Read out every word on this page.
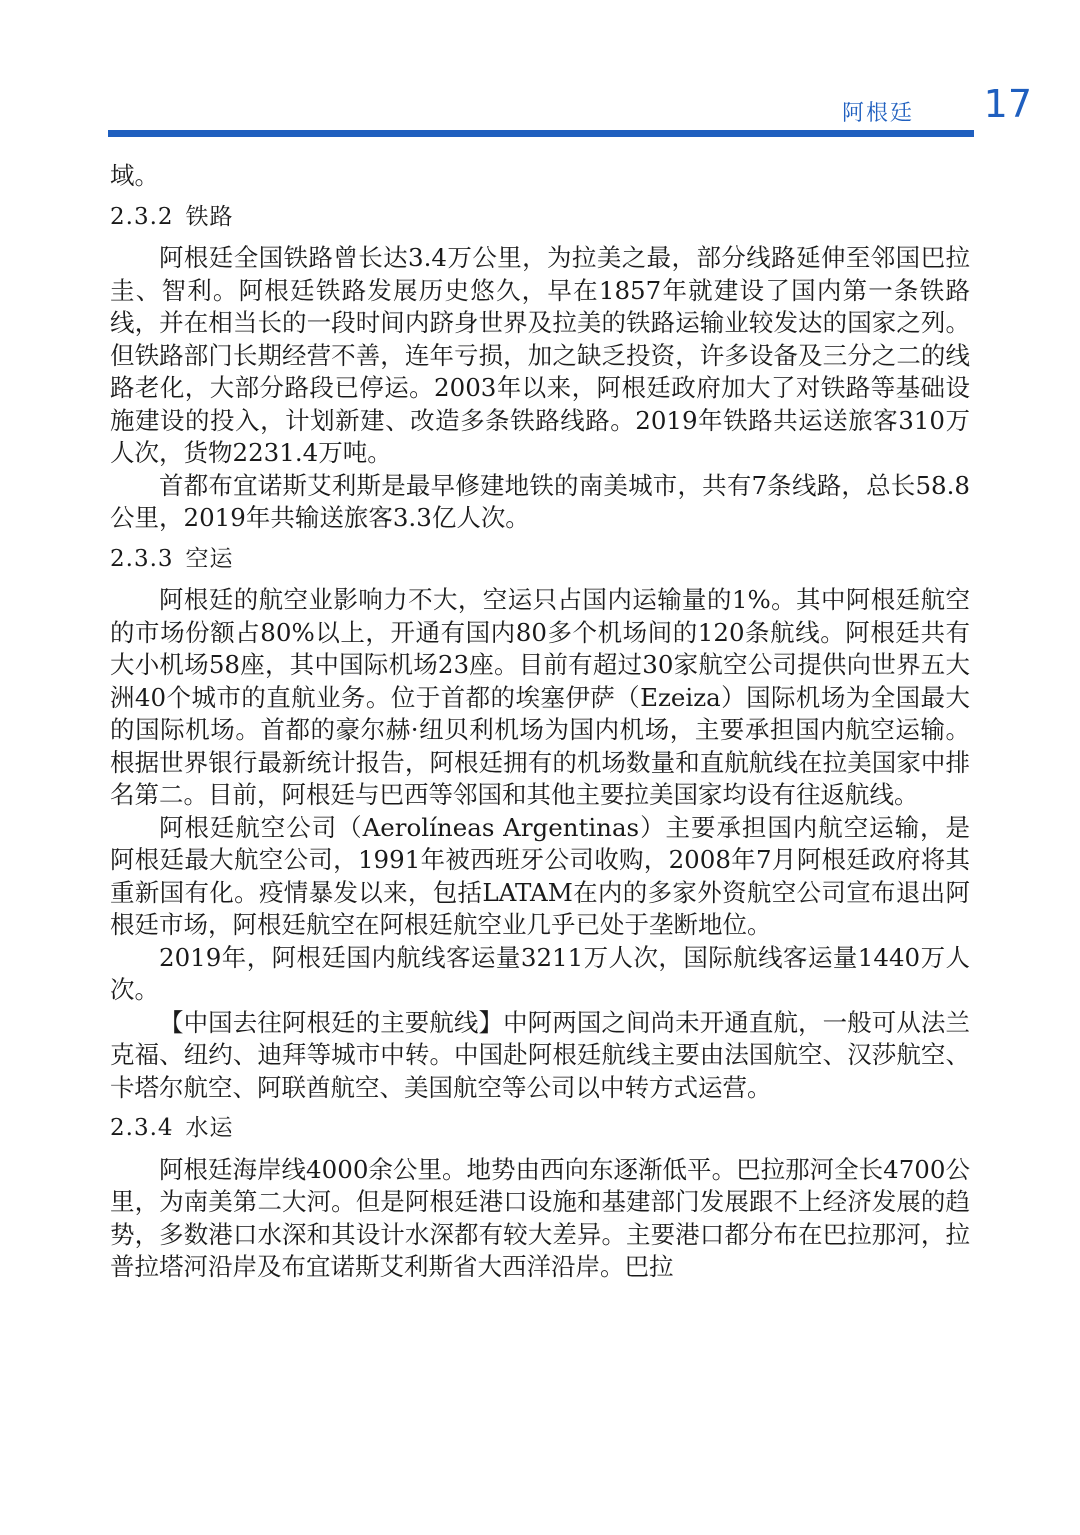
阿根廷 17

域。

2.3.2 铁路

阿根廷全国铁路曾长达3.4万公里，为拉美之最，部分线路延伸至邻国巴拉圭、智利。阿根廷铁路发展历史悠久，早在1857年就建设了国内第一条铁路线，并在相当长的一段时间内跻身世界及拉美的铁路运输业较发达的国家之列。但铁路部门长期经营不善，连年亏损，加之缺乏投资，许多设备及三分之二的线路老化，大部分路段已停运。2003年以来，阿根廷政府加大了对铁路等基础设施建设的投入，计划新建、改造多条铁路线路。2019年铁路共运送旅客310万人次，货物2231.4万吨。

首都布宜诺斯艾利斯是最早修建地铁的南美城市，共有7条线路，总长58.8公里，2019年共输送旅客3.3亿人次。

2.3.3 空运

阿根廷的航空业影响力不大，空运只占国内运输量的1%。其中阿根廷航空的市场份额占80%以上，开通有国内80多个机场间的120条航线。阿根廷共有大小机场58座，其中国际机场23座。目前有超过30家航空公司提供向世界五大洲40个城市的直航业务。位于首都的埃塞伊萨（Ezeiza）国际机场为全国最大的国际机场。首都的豪尔赫·纽贝利机场为国内机场，主要承担国内航空运输。根据世界银行最新统计报告，阿根廷拥有的机场数量和直航航线在拉美国家中排名第二。目前，阿根廷与巴西等邻国和其他主要拉美国家均设有往返航线。

阿根廷航空公司（Aerolíneas Argentinas）主要承担国内航空运输，是阿根廷最大航空公司，1991年被西班牙公司收购，2008年7月阿根廷政府将其重新国有化。疫情暴发以来，包括LATAM在内的多家外资航空公司宣布退出阿根廷市场，阿根廷航空在阿根廷航空业几乎已处于垄断地位。

2019年，阿根廷国内航线客运量3211万人次，国际航线客运量1440万人次。

【中国去往阿根廷的主要航线】中阿两国之间尚未开通直航，一般可从法兰克福、纽约、迪拜等城市中转。中国赴阿根廷航线主要由法国航空、汉莎航空、卡塔尔航空、阿联酋航空、美国航空等公司以中转方式运营。

2.3.4 水运

阿根廷海岸线4000余公里。地势由西向东逐渐低平。巴拉那河全长4700公里，为南美第二大河。但是阿根廷港口设施和基建部门发展跟不上经济发展的趋势，多数港口水深和其设计水深都有较大差异。主要港口都分布在巴拉那河，拉普拉塔河沿岸及布宜诺斯艾利斯省大西洋沿岸。巴拉
